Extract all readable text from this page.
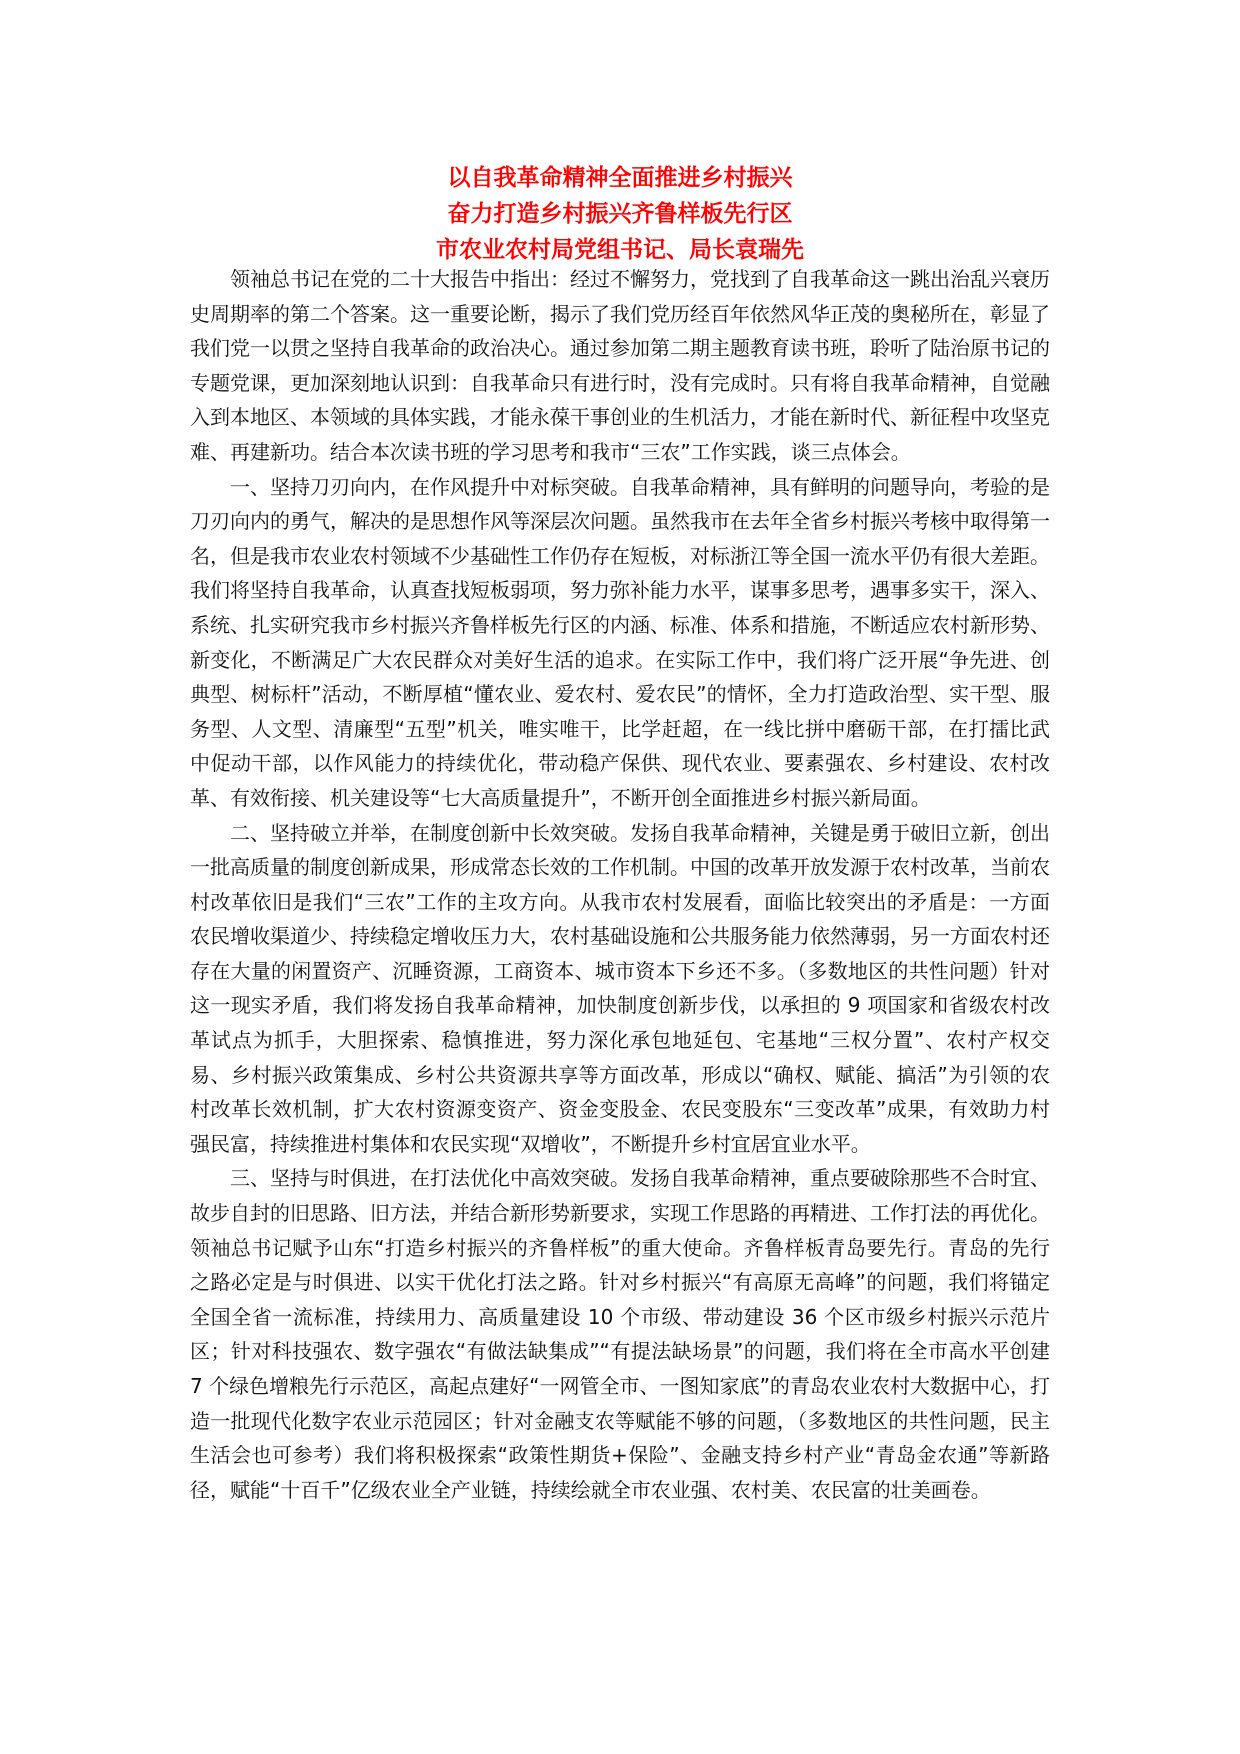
以自我革命精神全面推进乡村振兴
奋力打造乡村振兴齐鲁样板先行区
市农业农村局党组书记、局长袁瑞先

领袖总书记在党的二十大报告中指出：经过不懈努力，党找到了自我革命这一跳出治乱兴衰历史周期率的第二个答案。这一重要论断，揭示了我们党历经百年依然风华正茂的奥秘所在，彰显了我们党一以贯之坚持自我革命的政治决心。通过参加第二期主题教育读书班，聆听了陆治原书记的专题党课，更加深刻地认识到：自我革命只有进行时，没有完成时。只有将自我革命精神，自觉融入到本地区、本领域的具体实践，才能永葆干事创业的生机活力，才能在新时代、新征程中攻坚克难、再建新功。结合本次读书班的学习思考和我市“三农”工作实践，谈三点体会。

一、坚持刀刃向内，在作风提升中对标突破。自我革命精神，具有鲜明的问题导向，考验的是刀刃向内的勇气，解决的是思想作风等深层次问题。虽然我市在去年全省乡村振兴考核中取得第一名，但是我市农业农村领域不少基础性工作仍存在短板，对标浙江等全国一流水平仍有很大差距。我们将坚持自我革命，认真查找短板弱项，努力弥补能力水平，谋事多思考，遇事多实干，深入、系统、扎实研究我市乡村振兴齐鲁样板先行区的内涵、标准、体系和措施，不断适应农村新形势、新变化，不断满足广大农民群众对美好生活的追求。在实际工作中，我们将广泛开展“争先进、创典型、树标杆”活动，不断厚植“懂农业、爱农村、爱农民”的情怀，全力打造政治型、实干型、服务型、人文型、清廉型“五型”机关，唯实唯干，比学赶超，在一线比拼中磨砺干部，在打擂比武中促动干部，以作风能力的持续优化，带动稳产保供、现代农业、要素强农、乡村建设、农村改革、有效衔接、机关建设等“七大高质量提升”，不断开创全面推进乡村振兴新局面。

二、坚持破立并举，在制度创新中长效突破。发扬自我革命精神，关键是勇于破旧立新，创出一批高质量的制度创新成果，形成常态长效的工作机制。中国的改革开放发源于农村改革，当前农村改革依旧是我们“三农”工作的主攻方向。从我市农村发展看，面临比较突出的矛盾是：一方面农民增收渠道少、持续稳定增收压力大，农村基础设施和公共服务能力依然薄弱，另一方面农村还存在大量的闲置资产、沉睡资源，工商资本、城市资本下乡还不多。（多数地区的共性问题）针对这一现实矛盾，我们将发扬自我革命精神，加快制度创新步伐，以承担的 9 项国家和省级农村改革试点为抓手，大胆探索、稳慎推进，努力深化承包地延包、宅基地“三权分置”、农村产权交易、乡村振兴政策集成、乡村公共资源共享等方面改革，形成以“确权、赋能、搞活”为引领的农村改革长效机制，扩大农村资源变资产、资金变股金、农民变股东“三变改革”成果，有效助力村强民富，持续推进村集体和农民实现“双增收”，不断提升乡村宜居宜业水平。

三、坚持与时俱进，在打法优化中高效突破。发扬自我革命精神，重点要破除那些不合时宜、故步自封的旧思路、旧方法，并结合新形势新要求，实现工作思路的再精进、工作打法的再优化。领袖总书记赋予山东“打造乡村振兴的齐鲁样板”的重大使命。齐鲁样板青岛要先行。青岛的先行之路必定是与时俱进、以实干优化打法之路。针对乡村振兴“有高原无高峰”的问题，我们将锚定全国全省一流标准，持续用力、高质量建设 10 个市级、带动建设 36 个区市级乡村振兴示范片区；针对科技强农、数字强农“有做法缺集成”“有提法缺场景”的问题，我们将在全市高水平创建 7 个绿色增粮先行示范区，高起点建好“一网管全市、一图知家底”的青岛农业农村大数据中心，打造一批现代化数字农业示范园区；针对金融支农等赋能不够的问题，（多数地区的共性问题，民主生活会也可参考）我们将积极探索“政策性期货+保险”、金融支持乡村产业“青岛金农通”等新路径，赋能“十百千”亿级农业全产业链，持续绘就全市农业强、农村美、农民富的壮美画卷。
